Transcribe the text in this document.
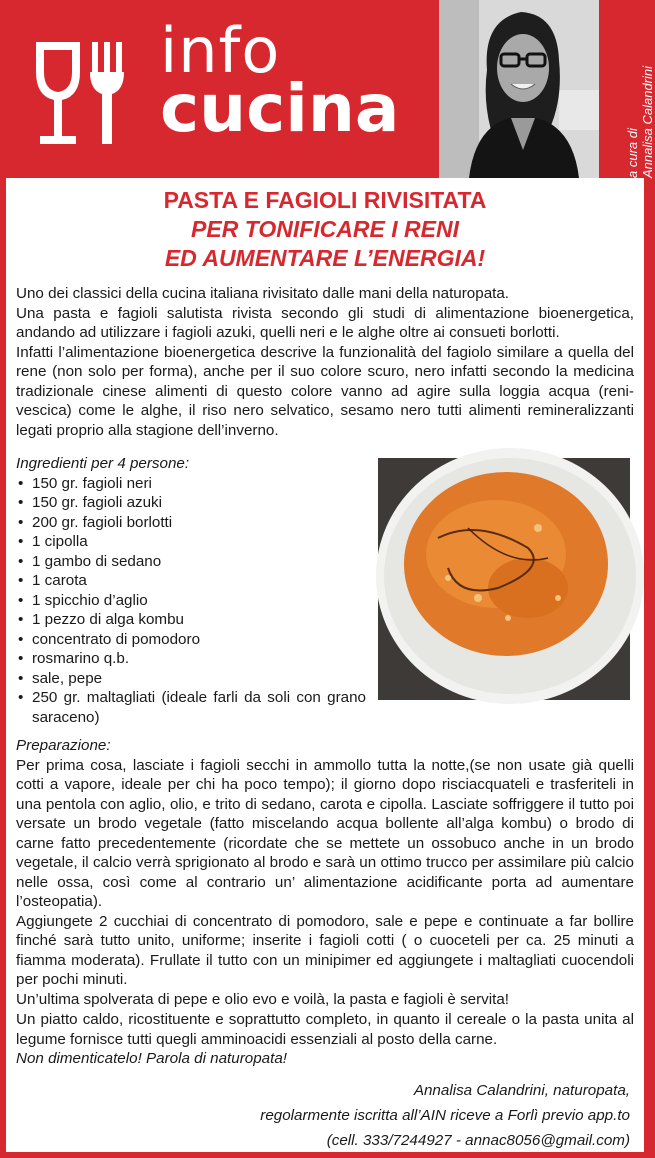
info
cucina
a cura di Annalisa Calandrini
PASTA E FAGIOLI RIVISITATA
PER TONIFICARE I RENI
ED AUMENTARE L’ENERGIA!

Uno dei classici della cucina italiana rivisitato dalle mani della naturopata.

Una pasta e fagioli salutista rivista secondo gli studi di alimentazione bioenergetica, andando ad utilizzare i fagioli azuki, quelli neri e le alghe oltre ai consueti borlotti.

Infatti l’alimentazione bioenergetica descrive la funzionalità del fagiolo similare a quella del rene (non solo per forma), anche per il suo colore scuro, nero infatti secondo la medicina tradizionale cinese alimenti di questo colore vanno ad agire sulla loggia acqua (reni- vescica) come le alghe, il riso nero selvatico, sesamo nero tutti alimenti remineralizzanti legati proprio alla stagione dell’inverno.

Ingredienti per 4 persone:
• 150 gr. fagioli neri
• 150 gr. fagioli azuki
• 200 gr. fagioli borlotti
• 1 cipolla
• 1 gambo di sedano
• 1 carota
• 1 spicchio d’aglio
• 1 pezzo di alga kombu
• concentrato di pomodoro
• rosmarino q.b.
• sale, pepe
• 250 gr. maltagliati (ideale farli da soli con grano saraceno)
Preparazione:

Per prima cosa, lasciate i fagioli secchi in ammollo tutta la notte,(se non usate già quelli cotti a vapore, ideale per chi ha poco tempo); il giorno dopo risciacquateli e trasferiteli in una pentola con aglio, olio, e trito di sedano, carota e cipolla. Lasciate soffriggere il tutto poi versate un brodo vegetale (fatto miscelando acqua bollente all’alga kombu) o brodo di carne fatto precedentemente (ricordate che se mettete un ossobuco anche in un brodo vegetale, il calcio verrà sprigionato al brodo e sarà un ottimo trucco per assimilare più calcio nelle ossa, così come al contrario un’ alimentazione acidificante porta ad aumentare l’osteopatia).

Aggiungete 2 cucchiai di concentrato di pomodoro, sale e pepe e continuate a far bollire finché sarà tutto unito, uniforme; inserite i fagioli cotti ( o cuoceteli per ca. 25 minuti a fiamma moderata). Frullate il tutto con un minipimer ed aggiungete i maltagliati cuocendoli per pochi minuti.

Un’ultima spolverata di pepe e olio evo e voilà, la pasta e fagioli è servita!

Un piatto caldo, ricostituente e soprattutto completo, in quanto il cereale o la pasta unita al legume fornisce tutti quegli amminoacidi essenziali al posto della carne.
Non dimenticatelo! Parola di naturopata!
Annalisa Calandrini, naturopata,
regolarmente iscritta all’AIN riceve a Forlì previo app.to
(cell. 333/7244927 - annac8056@gmail.com)
